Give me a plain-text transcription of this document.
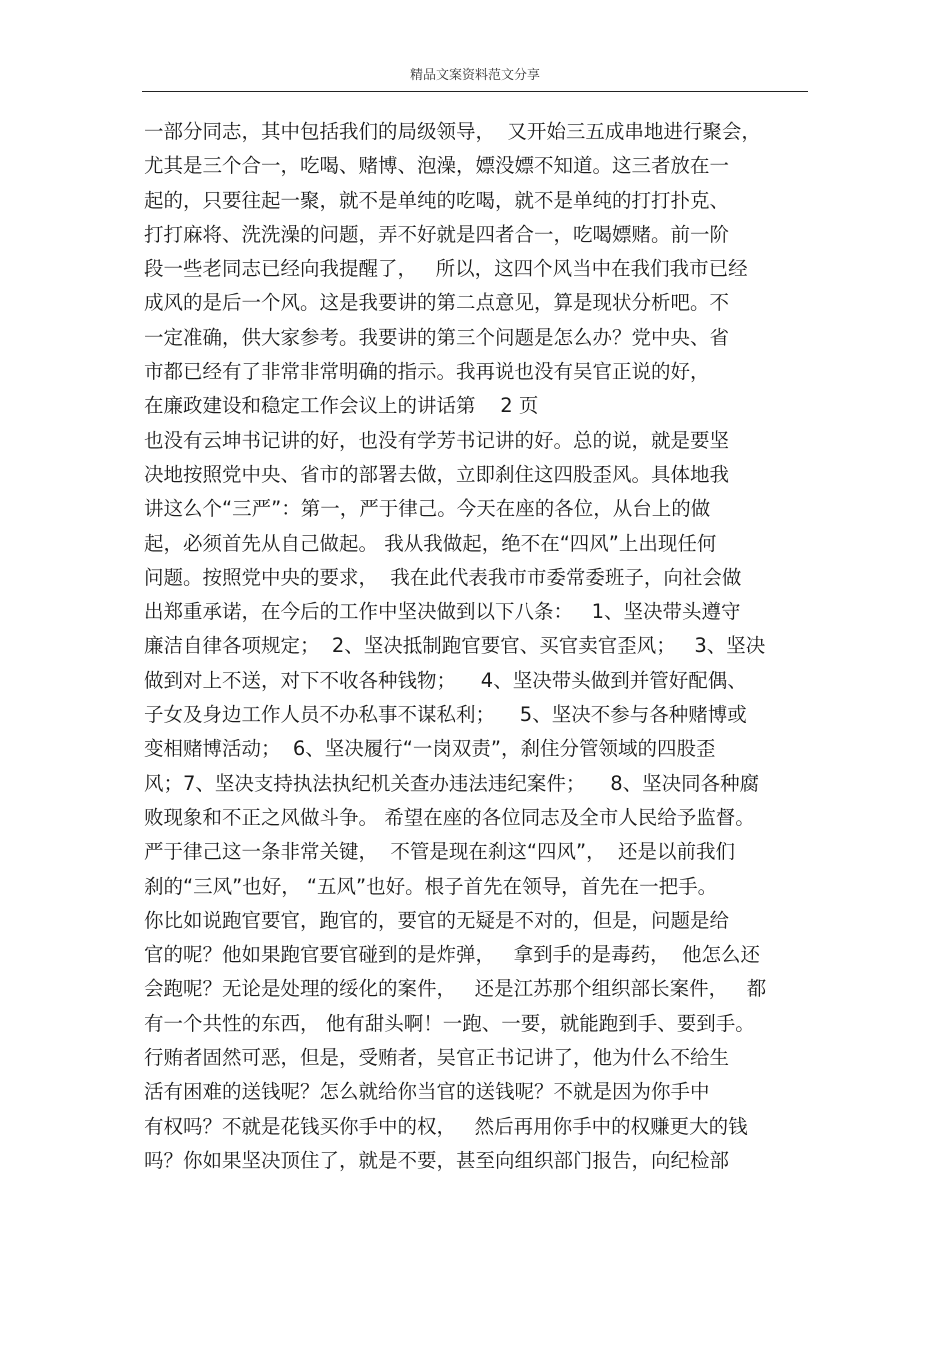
精品文案资料范文分享
一部分同志，其中包括我们的局级领导，  又开始三五成串地进行聚会，
尤其是三个合一，吃喝、赌博、泡澡，嫖没嫖不知道。这三者放在一
起的，只要往起一聚，就不是单纯的吃喝，就不是单纯的打打扑克、
打打麻将、洗洗澡的问题，弄不好就是四者合一，吃喝嫖赌。前一阶
段一些老同志已经向我提醒了，   所以，这四个风当中在我们我市已经
成风的是后一个风。这是我要讲的第二点意见，算是现状分析吧。不
一定准确，供大家参考。我要讲的第三个问题是怎么办？党中央、省
市都已经有了非常非常明确的指示。我再说也没有吴官正说的好，
在廉政建设和稳定工作会议上的讲话第    2 页
也没有云坤书记讲的好，也没有学芳书记讲的好。总的说，就是要坚
决地按照党中央、省市的部署去做，立即刹住这四股歪风。具体地我
讲这么个“三严”：第一，严于律己。今天在座的各位，从台上的做
起，必须首先从自己做起。 我从我做起，绝不在“四风”上出现任何
问题。按照党中央的要求，  我在此代表我市市委常委班子，向社会做
出郑重承诺，在今后的工作中坚决做到以下八条：   1、坚决带头遵守
廉洁自律各项规定；  2、坚决抵制跑官要官、买官卖官歪风；   3、坚决
做到对上不送，对下不收各种钱物；    4、坚决带头做到并管好配偶、
子女及身边工作人员不办私事不谋私利；    5、坚决不参与各种赌博或
变相赌博活动；  6、坚决履行“一岗双责”，刹住分管领域的四股歪
风；7、坚决支持执法执纪机关查办违法违纪案件；    8、坚决同各种腐
败现象和不正之风做斗争。 希望在座的各位同志及全市人民给予监督。
严于律己这一条非常关键，  不管是现在刹这“四风”，  还是以前我们
刹的“三风”也好， “五风”也好。根子首先在领导，首先在一把手。
你比如说跑官要官，跑官的，要官的无疑是不对的，但是，问题是给
官的呢？他如果跑官要官碰到的是炸弹，   拿到手的是毒药，  他怎么还
会跑呢？无论是处理的绥化的案件，   还是江苏那个组织部长案件，   都
有一个共性的东西， 他有甜头啊！一跑、一要，就能跑到手、要到手。
行贿者固然可恶，但是，受贿者，吴官正书记讲了，他为什么不给生
活有困难的送钱呢？怎么就给你当官的送钱呢？不就是因为你手中
有权吗？不就是花钱买你手中的权，   然后再用你手中的权赚更大的钱
吗？你如果坚决顶住了，就是不要，甚至向组织部门报告，向纪检部
